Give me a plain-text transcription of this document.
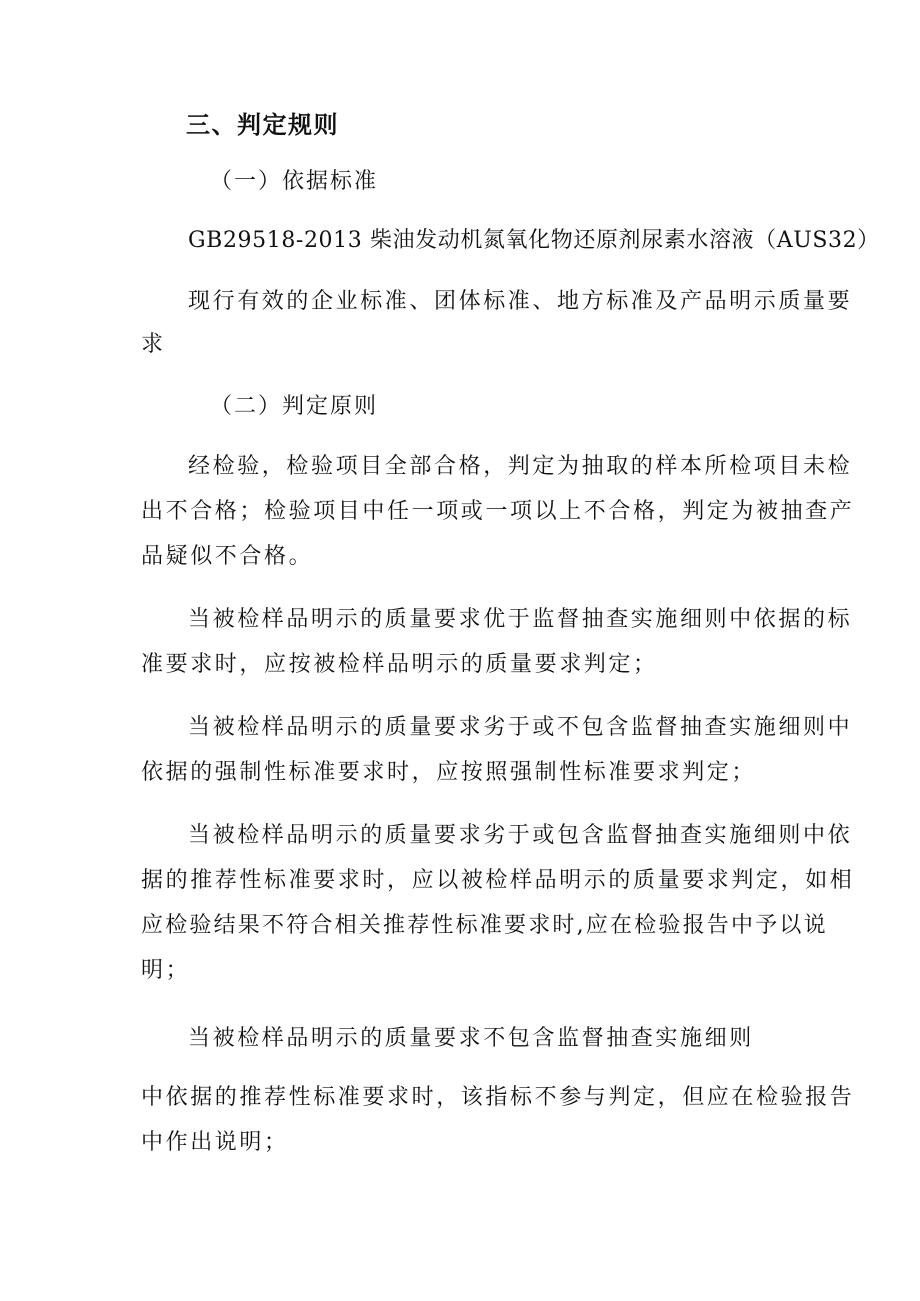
三、判定规则
（一）依据标准
GB29518-2013 柴油发动机氮氧化物还原剂尿素水溶液（AUS32）
现行有效的企业标准、团体标准、地方标准及产品明示质量要
求
（二）判定原则
经检验，检验项目全部合格，判定为抽取的样本所检项目未检
出不合格；检验项目中任一项或一项以上不合格，判定为被抽查产
品疑似不合格。
当被检样品明示的质量要求优于监督抽查实施细则中依据的标
准要求时，应按被检样品明示的质量要求判定；
当被检样品明示的质量要求劣于或不包含监督抽查实施细则中
依据的强制性标准要求时，应按照强制性标准要求判定；
当被检样品明示的质量要求劣于或包含监督抽查实施细则中依
据的推荐性标准要求时，应以被检样品明示的质量要求判定，如相
应检验结果不符合相关推荐性标准要求时,应在检验报告中予以说
明；
当被检样品明示的质量要求不包含监督抽查实施细则
中依据的推荐性标准要求时，该指标不参与判定，但应在检验报告
中作出说明；
